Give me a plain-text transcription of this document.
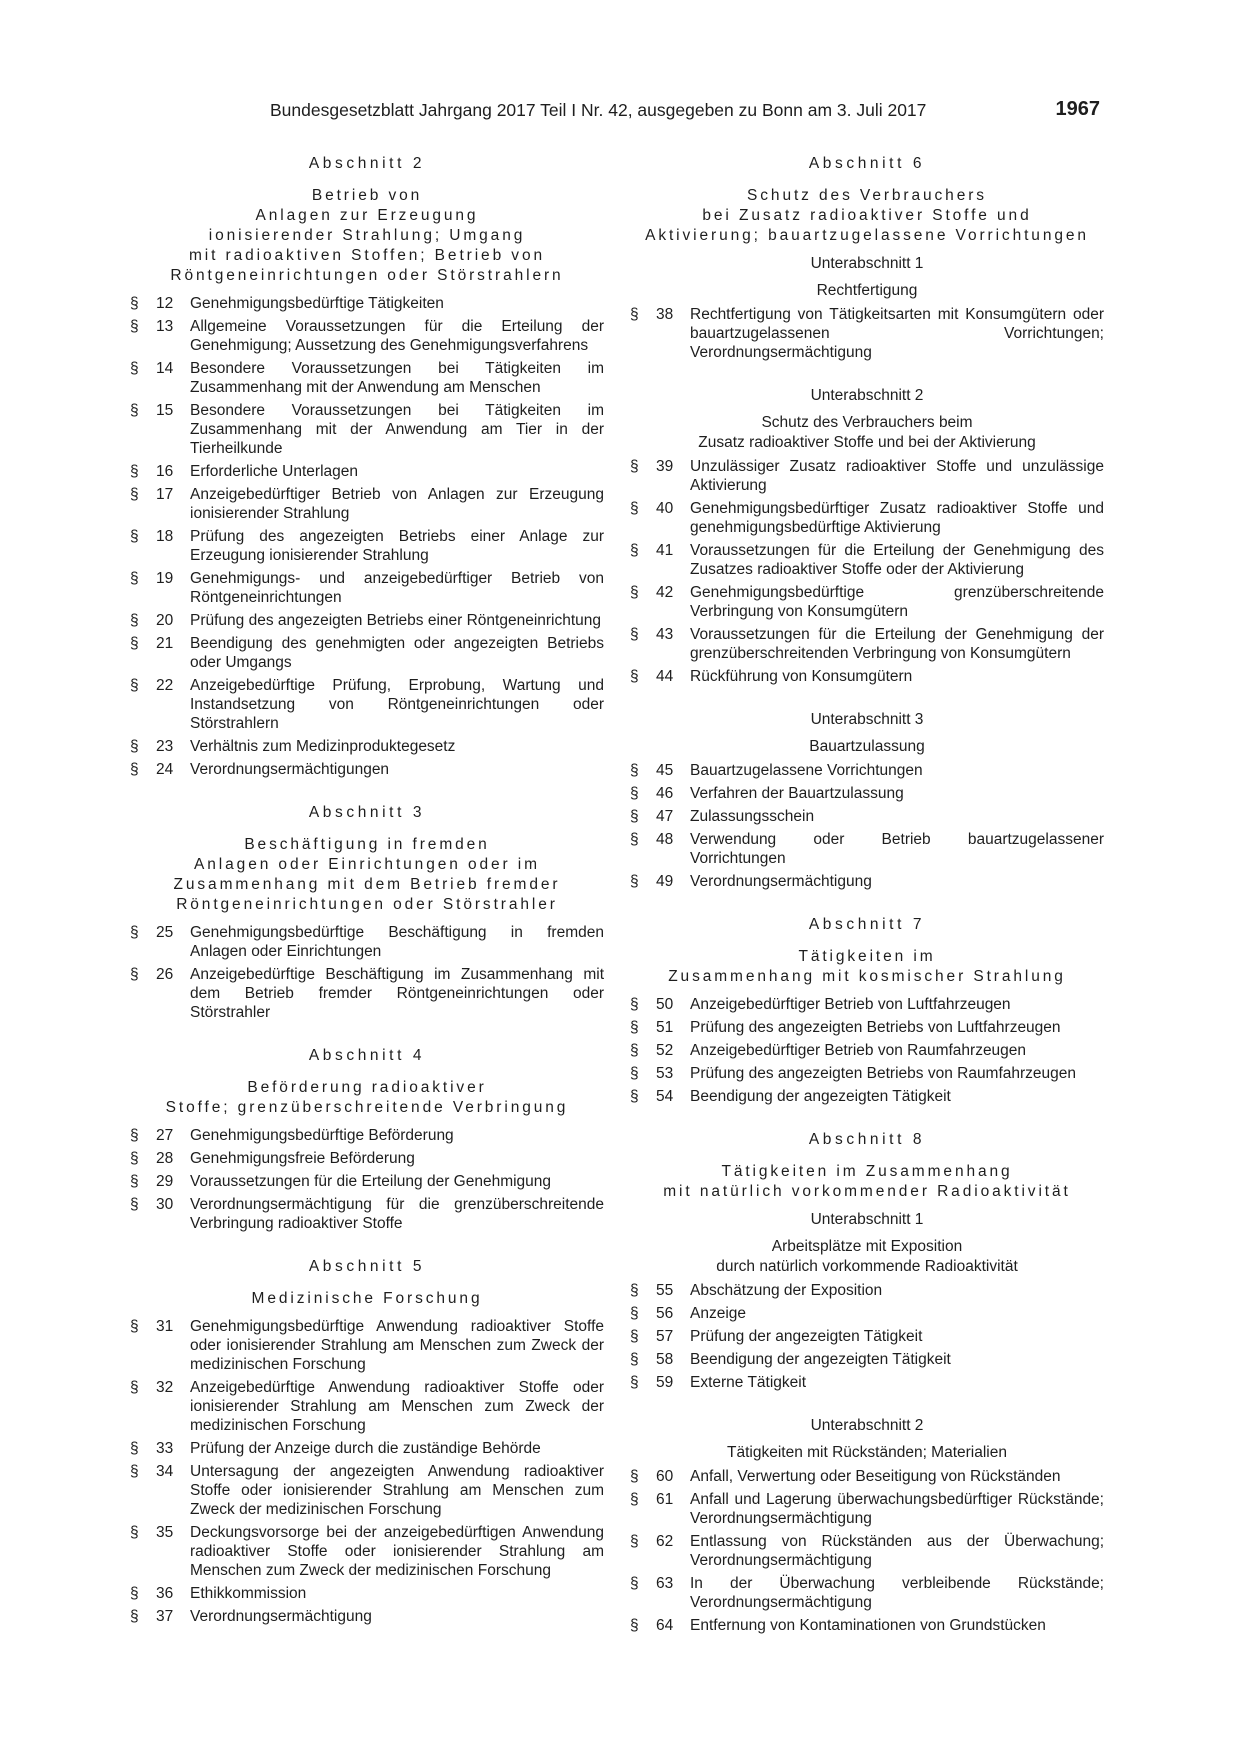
Bundesgesetzblatt Jahrgang 2017 Teil I Nr. 42, ausgegeben zu Bonn am 3. Juli 2017	1967
Abschnitt 2
Betrieb von
Anlagen zur Erzeugung
ionisierender Strahlung; Umgang
mit radioaktiven Stoffen; Betrieb von
Röntgeneinrichtungen oder Störstrahlern
§ 12 Genehmigungsbedürftige Tätigkeiten
§ 13 Allgemeine Voraussetzungen für die Erteilung der Genehmigung; Aussetzung des Genehmigungsverfahrens
§ 14 Besondere Voraussetzungen bei Tätigkeiten im Zusammenhang mit der Anwendung am Menschen
§ 15 Besondere Voraussetzungen bei Tätigkeiten im Zusammenhang mit der Anwendung am Tier in der Tierheilkunde
§ 16 Erforderliche Unterlagen
§ 17 Anzeigebedürftiger Betrieb von Anlagen zur Erzeugung ionisierender Strahlung
§ 18 Prüfung des angezeigten Betriebs einer Anlage zur Erzeugung ionisierender Strahlung
§ 19 Genehmigungs- und anzeigebedürftiger Betrieb von Röntgeneinrichtungen
§ 20 Prüfung des angezeigten Betriebs einer Röntgeneinrichtung
§ 21 Beendigung des genehmigten oder angezeigten Betriebs oder Umgangs
§ 22 Anzeigebedürftige Prüfung, Erprobung, Wartung und Instandsetzung von Röntgeneinrichtungen oder Störstrahlern
§ 23 Verhältnis zum Medizinproduktegesetz
§ 24 Verordnungsermächtigungen
Abschnitt 3
Beschäftigung in fremden
Anlagen oder Einrichtungen oder im
Zusammenhang mit dem Betrieb fremder
Röntgeneinrichtungen oder Störstrahler
§ 25 Genehmigungsbedürftige Beschäftigung in fremden Anlagen oder Einrichtungen
§ 26 Anzeigebedürftige Beschäftigung im Zusammenhang mit dem Betrieb fremder Röntgeneinrichtungen oder Störstrahler
Abschnitt 4
Beförderung radioaktiver
Stoffe; grenzüberschreitende Verbringung
§ 27 Genehmigungsbedürftige Beförderung
§ 28 Genehmigungsfreie Beförderung
§ 29 Voraussetzungen für die Erteilung der Genehmigung
§ 30 Verordnungsermächtigung für die grenzüberschreitende Verbringung radioaktiver Stoffe
Abschnitt 5
Medizinische Forschung
§ 31 Genehmigungsbedürftige Anwendung radioaktiver Stoffe oder ionisierender Strahlung am Menschen zum Zweck der medizinischen Forschung
§ 32 Anzeigebedürftige Anwendung radioaktiver Stoffe oder ionisierender Strahlung am Menschen zum Zweck der medizinischen Forschung
§ 33 Prüfung der Anzeige durch die zuständige Behörde
§ 34 Untersagung der angezeigten Anwendung radioaktiver Stoffe oder ionisierender Strahlung am Menschen zum Zweck der medizinischen Forschung
§ 35 Deckungsvorsorge bei der anzeigebedürftigen Anwendung radioaktiver Stoffe oder ionisierender Strahlung am Menschen zum Zweck der medizinischen Forschung
§ 36 Ethikkommission
§ 37 Verordnungsermächtigung
Abschnitt 6
Schutz des Verbrauchers
bei Zusatz radioaktiver Stoffe und
Aktivierung; bauartzugelassene Vorrichtungen
Unterabschnitt 1
Rechtfertigung
§ 38 Rechtfertigung von Tätigkeitsarten mit Konsumgütern oder bauartzugelassenen Vorrichtungen; Verordnungsermächtigung
Unterabschnitt 2
Schutz des Verbrauchers beim
Zusatz radioaktiver Stoffe und bei der Aktivierung
§ 39 Unzulässiger Zusatz radioaktiver Stoffe und unzulässige Aktivierung
§ 40 Genehmigungsbedürftiger Zusatz radioaktiver Stoffe und genehmigungsbedürftige Aktivierung
§ 41 Voraussetzungen für die Erteilung der Genehmigung des Zusatzes radioaktiver Stoffe oder der Aktivierung
§ 42 Genehmigungsbedürftige grenzüberschreitende Verbringung von Konsumgütern
§ 43 Voraussetzungen für die Erteilung der Genehmigung der grenzüberschreitenden Verbringung von Konsumgütern
§ 44 Rückführung von Konsumgütern
Unterabschnitt 3
Bauartzulassung
§ 45 Bauartzugelassene Vorrichtungen
§ 46 Verfahren der Bauartzulassung
§ 47 Zulassungsschein
§ 48 Verwendung oder Betrieb bauartzugelassener Vorrichtungen
§ 49 Verordnungsermächtigung
Abschnitt 7
Tätigkeiten im
Zusammenhang mit kosmischer Strahlung
§ 50 Anzeigebedürftiger Betrieb von Luftfahrzeugen
§ 51 Prüfung des angezeigten Betriebs von Luftfahrzeugen
§ 52 Anzeigebedürftiger Betrieb von Raumfahrzeugen
§ 53 Prüfung des angezeigten Betriebs von Raumfahrzeugen
§ 54 Beendigung der angezeigten Tätigkeit
Abschnitt 8
Tätigkeiten im Zusammenhang
mit natürlich vorkommender Radioaktivität
Unterabschnitt 1
Arbeitsplätze mit Exposition
durch natürlich vorkommende Radioaktivität
§ 55 Abschätzung der Exposition
§ 56 Anzeige
§ 57 Prüfung der angezeigten Tätigkeit
§ 58 Beendigung der angezeigten Tätigkeit
§ 59 Externe Tätigkeit
Unterabschnitt 2
Tätigkeiten mit Rückständen; Materialien
§ 60 Anfall, Verwertung oder Beseitigung von Rückständen
§ 61 Anfall und Lagerung überwachungsbedürftiger Rückstände; Verordnungsermächtigung
§ 62 Entlassung von Rückständen aus der Überwachung; Verordnungsermächtigung
§ 63 In der Überwachung verbleibende Rückstände; Verordnungsermächtigung
§ 64 Entfernung von Kontaminationen von Grundstücken
